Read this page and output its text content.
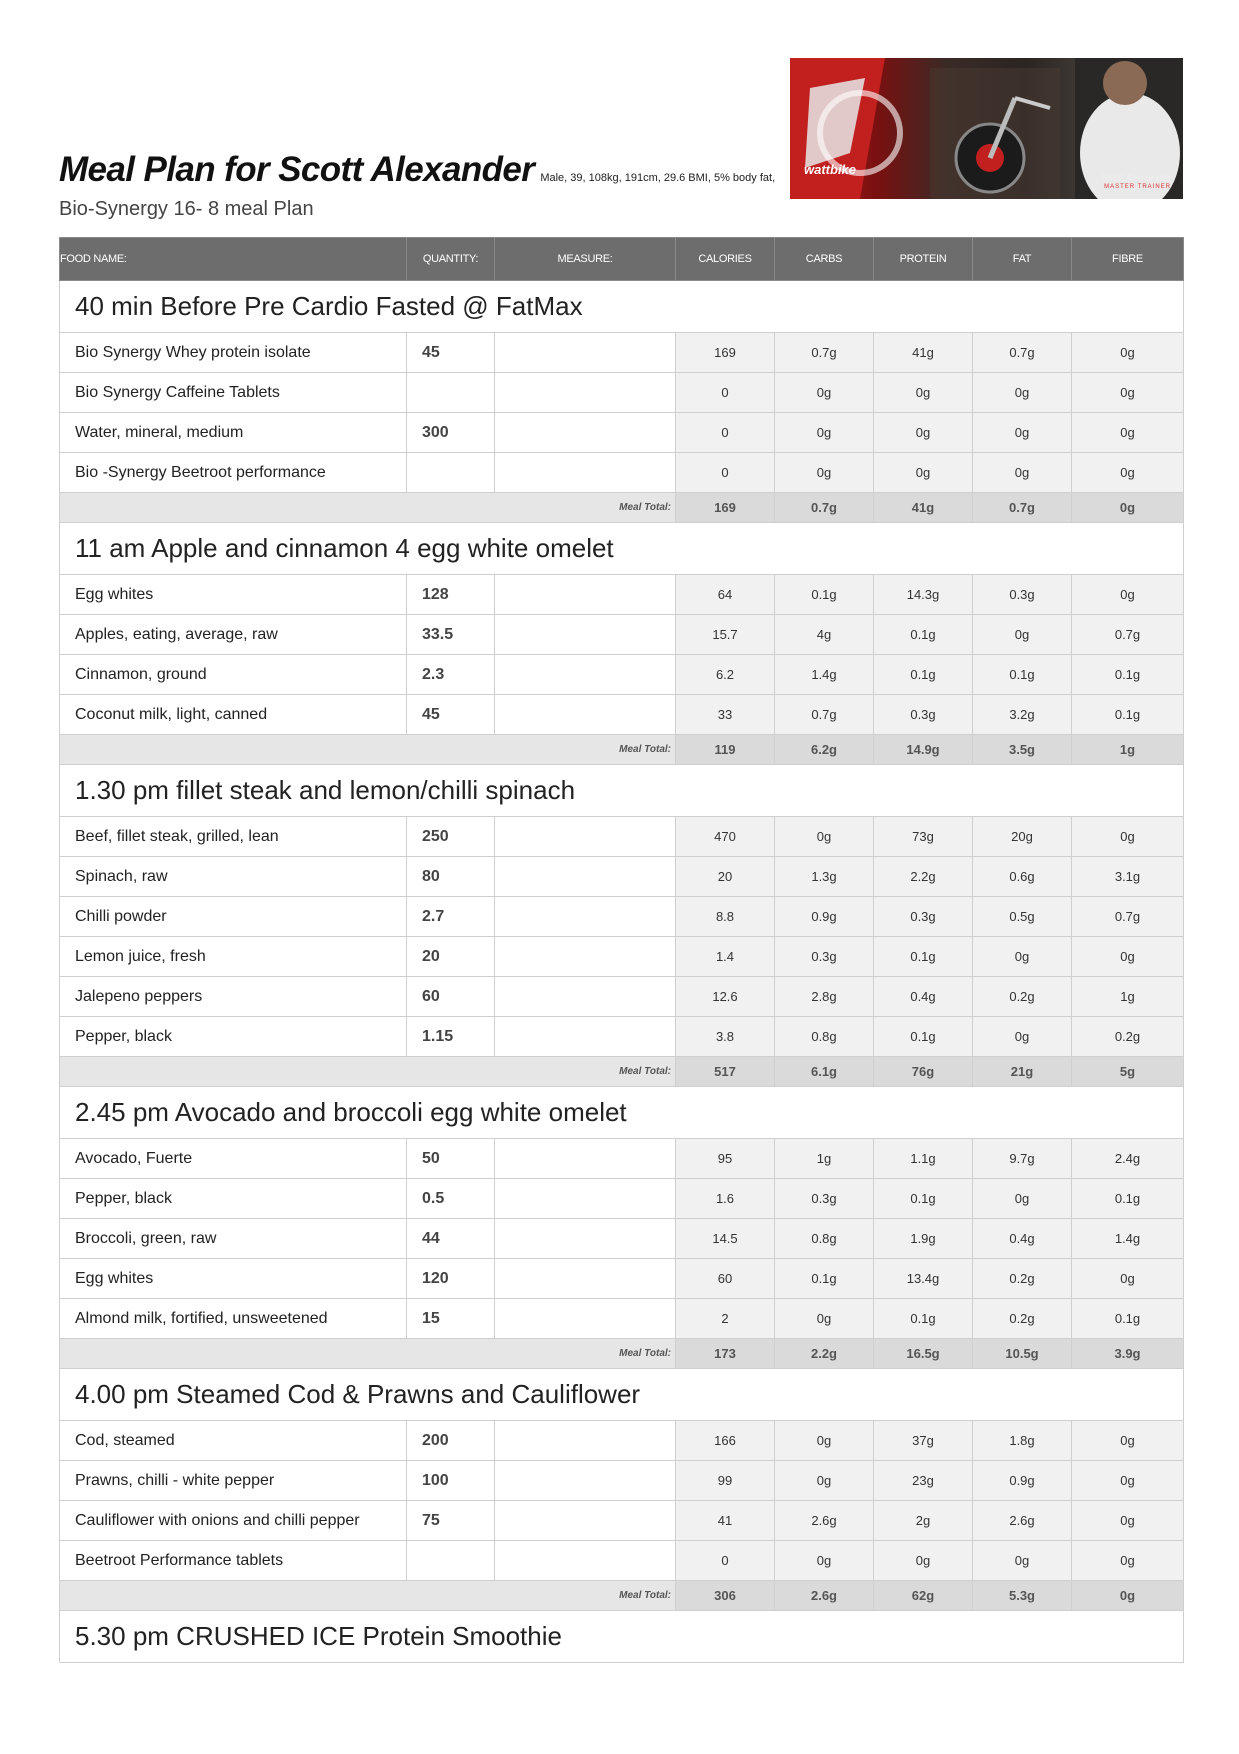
Meal Plan for Scott Alexander Male, 39, 108kg, 191cm, 29.6 BMI, 5% body fat,
Bio-Synergy 16- 8 meal Plan
wattbike
Scott Alexander
MASTER TRAINER
FOOD NAME:	QUANTITY:	MEASURE:	CALORIES	CARBS	PROTEIN	FAT	FIBRE
40 min Before Pre Cardio Fasted @ FatMax							
Bio Synergy Whey protein isolate	45		169	0.7g	41g	0.7g	0g
Bio Synergy Caffeine Tablets			0	0g	0g	0g	0g
Water, mineral, medium	300		0	0g	0g	0g	0g
Bio -Synergy Beetroot performance			0	0g	0g	0g	0g
Meal Total:			169	0.7g	41g	0.7g	0g
11 am Apple and cinnamon 4 egg white omelet							
Egg whites	128		64	0.1g	14.3g	0.3g	0g
Apples, eating, average, raw	33.5		15.7	4g	0.1g	0g	0.7g
Cinnamon, ground	2.3		6.2	1.4g	0.1g	0.1g	0.1g
Coconut milk, light, canned	45		33	0.7g	0.3g	3.2g	0.1g
Meal Total:			119	6.2g	14.9g	3.5g	1g
1.30 pm fillet steak and lemon/chilli spinach							
Beef, fillet steak, grilled, lean	250		470	0g	73g	20g	0g
Spinach, raw	80		20	1.3g	2.2g	0.6g	3.1g
Chilli powder	2.7		8.8	0.9g	0.3g	0.5g	0.7g
Lemon juice, fresh	20		1.4	0.3g	0.1g	0g	0g
Jalepeno peppers	60		12.6	2.8g	0.4g	0.2g	1g
Pepper, black	1.15		3.8	0.8g	0.1g	0g	0.2g
Meal Total:			517	6.1g	76g	21g	5g
2.45 pm Avocado and broccoli egg white omelet							
Avocado, Fuerte	50		95	1g	1.1g	9.7g	2.4g
Pepper, black	0.5		1.6	0.3g	0.1g	0g	0.1g
Broccoli, green, raw	44		14.5	0.8g	1.9g	0.4g	1.4g
Egg whites	120		60	0.1g	13.4g	0.2g	0g
Almond milk, fortified, unsweetened	15		2	0g	0.1g	0.2g	0.1g
Meal Total:			173	2.2g	16.5g	10.5g	3.9g
4.00 pm Steamed Cod & Prawns and Cauliflower							
Cod, steamed	200		166	0g	37g	1.8g	0g
Prawns, chilli - white pepper	100		99	0g	23g	0.9g	0g
Cauliflower with onions and chilli pepper	75		41	2.6g	2g	2.6g	0g
Beetroot Performance tablets			0	0g	0g	0g	0g
Meal Total:			306	2.6g	62g	5.3g	0g
5.30 pm CRUSHED ICE Protein Smoothie							
